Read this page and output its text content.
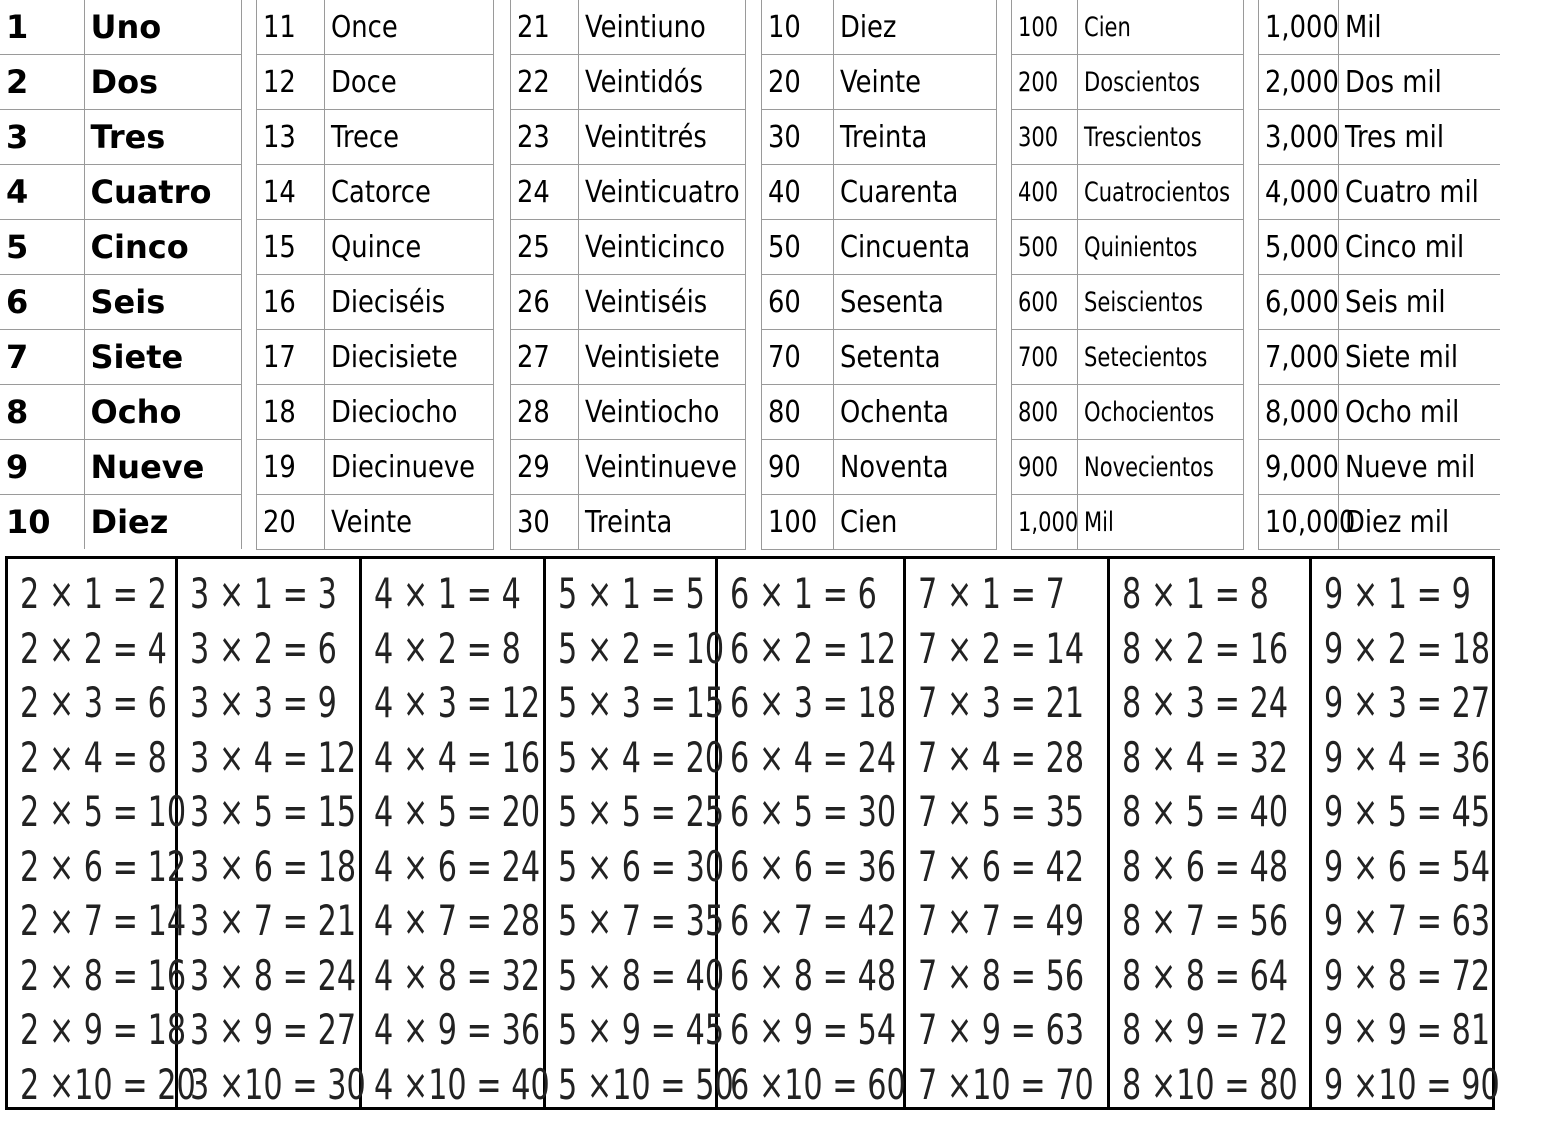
1	Uno
2	Dos
3	Tres
4	Cuatro
5	Cinco
6	Seis
7	Siete
8	Ocho
9	Nueve
10	Diez
11	Once
12	Doce
13	Trece
14	Catorce
15	Quince
16	Dieciséis
17	Diecisiete
18	Dieciocho
19	Diecinueve
20	Veinte
21	Veintiuno
22	Veintidós
23	Veintitrés
24	Veinticuatro
25	Veinticinco
26	Veintiséis
27	Veintisiete
28	Veintiocho
29	Veintinueve
30	Treinta
10	Diez
20	Veinte
30	Treinta
40	Cuarenta
50	Cincuenta
60	Sesenta
70	Setenta
80	Ochenta
90	Noventa
100	Cien
100	Cien
200	Doscientos
300	Trescientos
400	Cuatrocientos
500	Quinientos
600	Seiscientos
700	Setecientos
800	Ochocientos
900	Novecientos
1,000	Mil
1,000	Mil
2,000	Dos mil
3,000	Tres mil
4,000	Cuatro mil
5,000	Cinco mil
6,000	Seis mil
7,000	Siete mil
8,000	Ocho mil
9,000	Nueve mil
10,000	Diez mil
2 × 1 = 2
2 × 2 = 4
2 × 3 = 6
2 × 4 = 8
2 × 5 = 10
2 × 6 = 12
2 × 7 = 14
2 × 8 = 16
2 × 9 = 18
2 ×10 = 20
3 × 1 = 3
3 × 2 = 6
3 × 3 = 9
3 × 4 = 12
3 × 5 = 15
3 × 6 = 18
3 × 7 = 21
3 × 8 = 24
3 × 9 = 27
3 ×10 = 30
4 × 1 = 4
4 × 2 = 8
4 × 3 = 12
4 × 4 = 16
4 × 5 = 20
4 × 6 = 24
4 × 7 = 28
4 × 8 = 32
4 × 9 = 36
4 ×10 = 40
5 × 1 = 5
5 × 2 = 10
5 × 3 = 15
5 × 4 = 20
5 × 5 = 25
5 × 6 = 30
5 × 7 = 35
5 × 8 = 40
5 × 9 = 45
5 ×10 = 50
6 × 1 = 6
6 × 2 = 12
6 × 3 = 18
6 × 4 = 24
6 × 5 = 30
6 × 6 = 36
6 × 7 = 42
6 × 8 = 48
6 × 9 = 54
6 ×10 = 60
7 × 1 = 7
7 × 2 = 14
7 × 3 = 21
7 × 4 = 28
7 × 5 = 35
7 × 6 = 42
7 × 7 = 49
7 × 8 = 56
7 × 9 = 63
7 ×10 = 70
8 × 1 = 8
8 × 2 = 16
8 × 3 = 24
8 × 4 = 32
8 × 5 = 40
8 × 6 = 48
8 × 7 = 56
8 × 8 = 64
8 × 9 = 72
8 ×10 = 80
9 × 1 = 9
9 × 2 = 18
9 × 3 = 27
9 × 4 = 36
9 × 5 = 45
9 × 6 = 54
9 × 7 = 63
9 × 8 = 72
9 × 9 = 81
9 ×10 = 90
